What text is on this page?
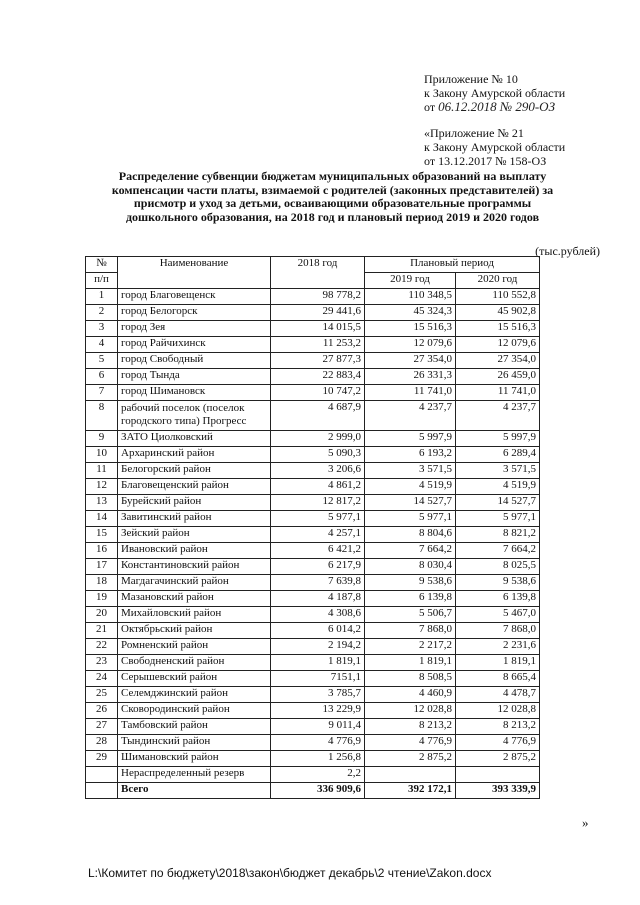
Приложение № 10
к Закону Амурской области
от 06.12.2018 № 290-ОЗ
«Приложение № 21
к Закону Амурской области
от 13.12.2017 № 158-ОЗ
Распределение субвенции бюджетам муниципальных образований на выплату компенсации части платы, взимаемой с родителей (законных представителей) за присмотр и уход за детьми, осваивающими образовательные программы дошкольного образования, на 2018 год и плановый период 2019 и 2020 годов
(тыс.рублей)
№	Наименование	2018 год	Плановый период	
п/п			2019 год	2020 год
1	город Благовещенск	98 778,2	110 348,5	110 552,8
2	город Белогорск	29 441,6	45 324,3	45 902,8
3	город Зея	14 015,5	15 516,3	15 516,3
4	город Райчихинск	11 253,2	12 079,6	12 079,6
5	город Свободный	27 877,3	27 354,0	27 354,0
6	город Тында	22 883,4	26 331,3	26 459,0
7	город Шимановск	10 747,2	11 741,0	11 741,0
8	рабочий поселок (поселок городского типа) Прогресс	4 687,9	4 237,7	4 237,7
9	ЗАТО Циолковский	2 999,0	5 997,9	5 997,9
10	Архаринский район	5 090,3	6 193,2	6 289,4
11	Белогорский район	3 206,6	3 571,5	3 571,5
12	Благовещенский район	4 861,2	4 519,9	4 519,9
13	Бурейский район	12 817,2	14 527,7	14 527,7
14	Завитинский район	5 977,1	5 977,1	5 977,1
15	Зейский район	4 257,1	8 804,6	8 821,2
16	Ивановский район	6 421,2	7 664,2	7 664,2
17	Константиновский район	6 217,9	8 030,4	8 025,5
18	Магдагачинский район	7 639,8	9 538,6	9 538,6
19	Мазановский район	4 187,8	6 139,8	6 139,8
20	Михайловский район	4 308,6	5 506,7	5 467,0
21	Октябрьский район	6 014,2	7 868,0	7 868,0
22	Ромненский район	2 194,2	2 217,2	2 231,6
23	Свободненский район	1 819,1	1 819,1	1 819,1
24	Серышевский район	7151,1	8 508,5	8 665,4
25	Селемджинский район	3 785,7	4 460,9	4 478,7
26	Сковородинский район	13 229,9	12 028,8	12 028,8
27	Тамбовский район	9 011,4	8 213,2	8 213,2
28	Тындинский район	4 776,9	4 776,9	4 776,9
29	Шимановский район	1 256,8	2 875,2	2 875,2
	Нераспределенный резерв	2,2		
	Всего	336 909,6	392 172,1	393 339,9
»
L:\Комитет по бюджету\2018\закон\бюджет декабрь\2 чтение\Zakon.docx
